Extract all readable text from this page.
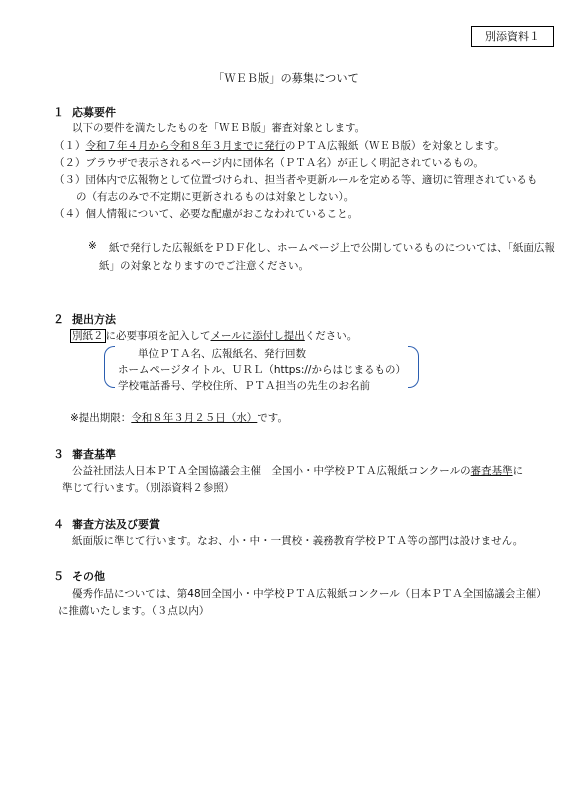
別添資料１
「ＷＥＢ版」の募集について
１ 応募要件
以下の要件を満たしたものを「ＷＥＢ版」審査対象とします。
（１）令和７年４月から令和８年３月までに発行のＰＴＡ広報紙（ＷＥＢ版）を対象とします。
（２）ブラウザで表示されるページ内に団体名（ＰＴＡ名）が正しく明記されているもの。
（３）団体内で広報物として位置づけられ、担当者や更新ルールを定める等、適切に管理されているも
の（有志のみで不定期に更新されるものは対象としない）。
（４）個人情報について、必要な配慮がおこなわれていること。
※ 紙で発行した広報紙をＰＤＦ化し、ホームページ上で公開しているものについては、「紙面広報
紙」の対象となりますのでご注意ください。
２ 提出方法
別紙２ に必要事項を記入してメールに添付し提出ください。
単位ＰＴＡ名、広報紙名、発行回数
ホームページタイトル、ＵＲＬ（https://からはじまるもの）
学校電話番号、学校住所、ＰＴＡ担当の先生のお名前
※提出期限：令和８年３月２５日（水）です。
３ 審査基準
公益社団法人日本ＰＴＡ全国協議会主催　全国小・中学校ＰＴＡ広報紙コンクールの審査基準に
準じて行います。（別添資料２参照）
４ 審査方法及び要賞
紙面版に準じて行います。なお、小・中・一貫校・義務教育学校ＰＴＡ等の部門は設けません。
５ その他
優秀作品については、第48回全国小・中学校ＰＴＡ広報紙コンクール（日本ＰＴＡ全国協議会主催）
に推薦いたします。（３点以内）
